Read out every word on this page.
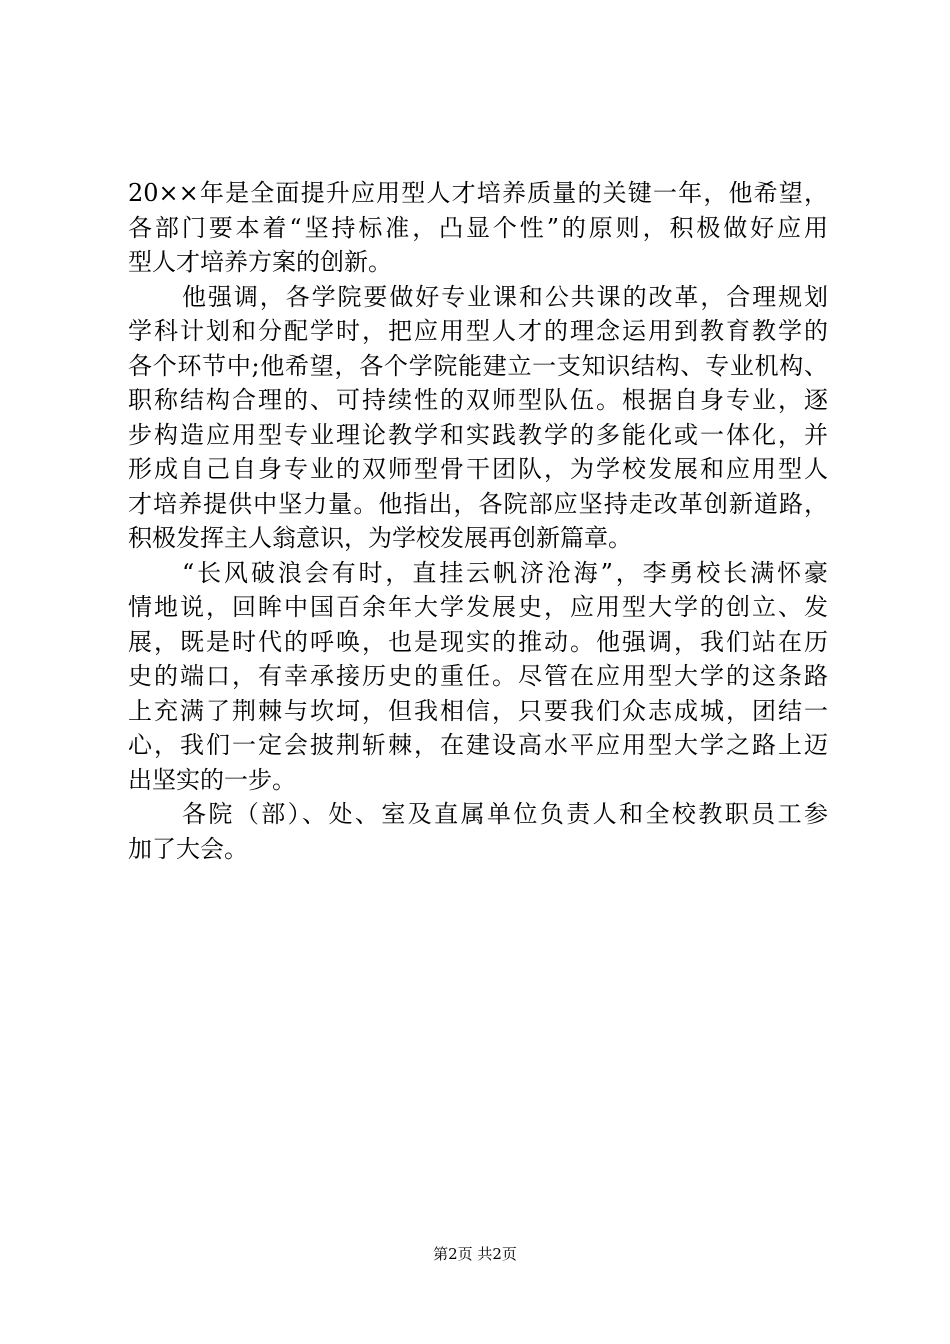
20××年是全面提升应用型人才培养质量的关键一年，他希望，
各部门要本着“坚持标准，凸显个性”的原则，积极做好应用
型人才培养方案的创新。
他强调，各学院要做好专业课和公共课的改革，合理规划
学科计划和分配学时，把应用型人才的理念运用到教育教学的
各个环节中;他希望，各个学院能建立一支知识结构、专业机构、
职称结构合理的、可持续性的双师型队伍。根据自身专业，逐
步构造应用型专业理论教学和实践教学的多能化或一体化，并
形成自己自身专业的双师型骨干团队，为学校发展和应用型人
才培养提供中坚力量。他指出，各院部应坚持走改革创新道路，
积极发挥主人翁意识，为学校发展再创新篇章。
“长风破浪会有时，直挂云帆济沧海”，李勇校长满怀豪
情地说，回眸中国百余年大学发展史，应用型大学的创立、发
展，既是时代的呼唤，也是现实的推动。他强调，我们站在历
史的端口，有幸承接历史的重任。尽管在应用型大学的这条路
上充满了荆棘与坎坷，但我相信，只要我们众志成城，团结一
心，我们一定会披荆斩棘，在建设高水平应用型大学之路上迈
出坚实的一步。
各院（部）、处、室及直属单位负责人和全校教职员工参
加了大会。
第2页 共2页
